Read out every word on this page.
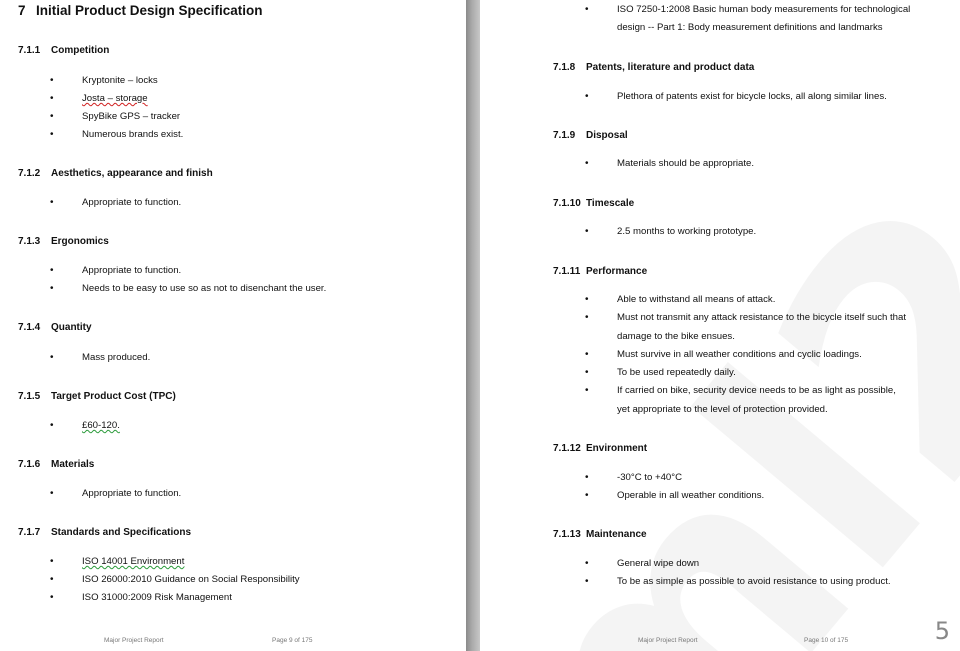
7 Initial Product Design Specification
7.1.1 Competition
• Kryptonite – locks
• Josta – storage
• SpyBike GPS – tracker
• Numerous brands exist.
7.1.2 Aesthetics, appearance and finish
• Appropriate to function.
7.1.3 Ergonomics
• Appropriate to function.
• Needs to be easy to use so as not to disenchant the user.
7.1.4 Quantity
• Mass produced.
7.1.5 Target Product Cost (TPC)
• £60-120.
7.1.6 Materials
• Appropriate to function.
7.1.7 Standards and Specifications
• ISO 14001 Environment
• ISO 26000:2010 Guidance on Social Responsibility
• ISO 31000:2009 Risk Management
Major Project Report	Page 9 of 175
• ISO 7250-1:2008 Basic human body measurements for technological
design -- Part 1: Body measurement definitions and landmarks
7.1.8 Patents, literature and product data
• Plethora of patents exist for bicycle locks, all along similar lines.
7.1.9 Disposal
• Materials should be appropriate.
7.1.10 Timescale
• 2.5 months to working prototype.
7.1.11 Performance
• Able to withstand all means of attack.
• Must not transmit any attack resistance to the bicycle itself such that
damage to the bike ensues.
• Must survive in all weather conditions and cyclic loadings.
• To be used repeatedly daily.
• If carried on bike, security device needs to be as light as possible,
yet appropriate to the level of protection provided.
7.1.12 Environment
• -30°C to +40°C
• Operable in all weather conditions.
7.1.13 Maintenance
• General wipe down
• To be as simple as possible to avoid resistance to using product.
Major Project Report	Page 10 of 175	5
